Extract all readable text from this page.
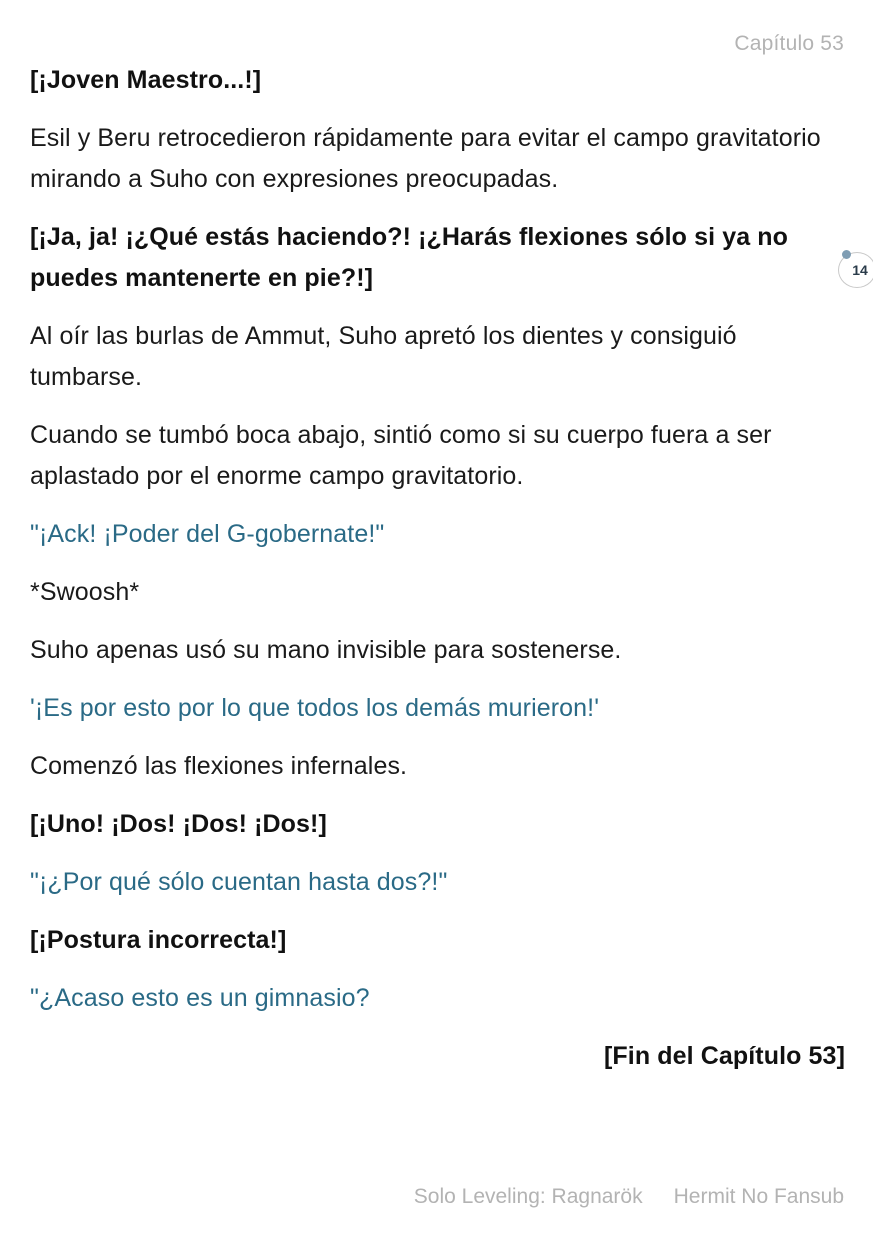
Capítulo 53

[¡Joven Maestro...!]

Esil y Beru retrocedieron rápidamente para evitar el campo gravitatorio mirando a Suho con expresiones preocupadas.

[¡Ja, ja! ¡¿Qué estás haciendo?! ¡¿Harás flexiones sólo si ya no puedes mantenerte en pie?!]

Al oír las burlas de Ammut, Suho apretó los dientes y consiguió tumbarse.

Cuando se tumbó boca abajo, sintió como si su cuerpo fuera a ser aplastado por el enorme campo gravitatorio.

"¡Ack! ¡Poder del G-gobernate!"

*Swoosh*

Suho apenas usó su mano invisible para sostenerse.

'¡Es por esto por lo que todos los demás murieron!'

Comenzó las flexiones infernales.

[¡Uno! ¡Dos! ¡Dos! ¡Dos!]

"¡¿Por qué sólo cuentan hasta dos?!"

[¡Postura incorrecta!]

"¿Acaso esto es un gimnasio?

[Fin del Capítulo 53]

14
Solo Leveling: Ragnarök Hermit No Fansub
